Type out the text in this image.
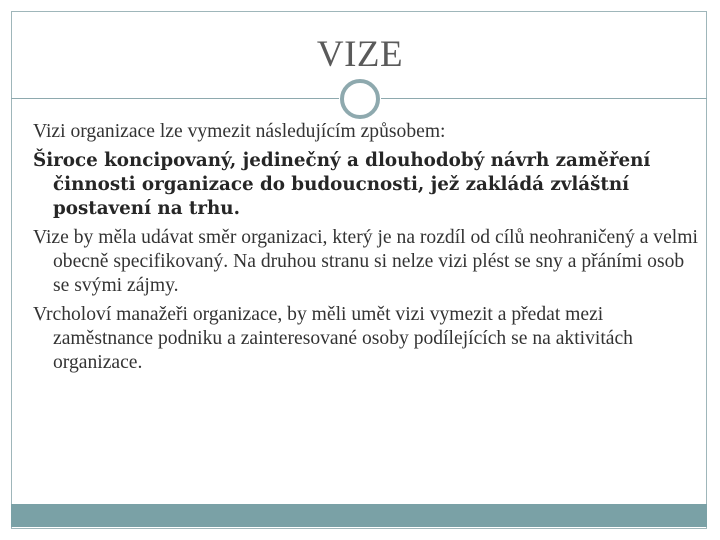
VIZE

Vizi organizace lze vymezit následujícím způsobem:

Široce koncipovaný, jedinečný a dlouhodobý návrh zaměření činnosti organizace do budoucnosti, jež zakládá zvláštní postavení na trhu.

Vize by měla udávat směr organizaci, který je na rozdíl od cílů neohraničený a velmi obecně specifikovaný. Na druhou stranu si nelze vizi plést se sny a přáními osob se svými zájmy.

Vrcholoví manažeři organizace, by měli umět vizi vymezit a předat mezi zaměstnance podniku a zainteresované osoby podílejících se na aktivitách organizace.
